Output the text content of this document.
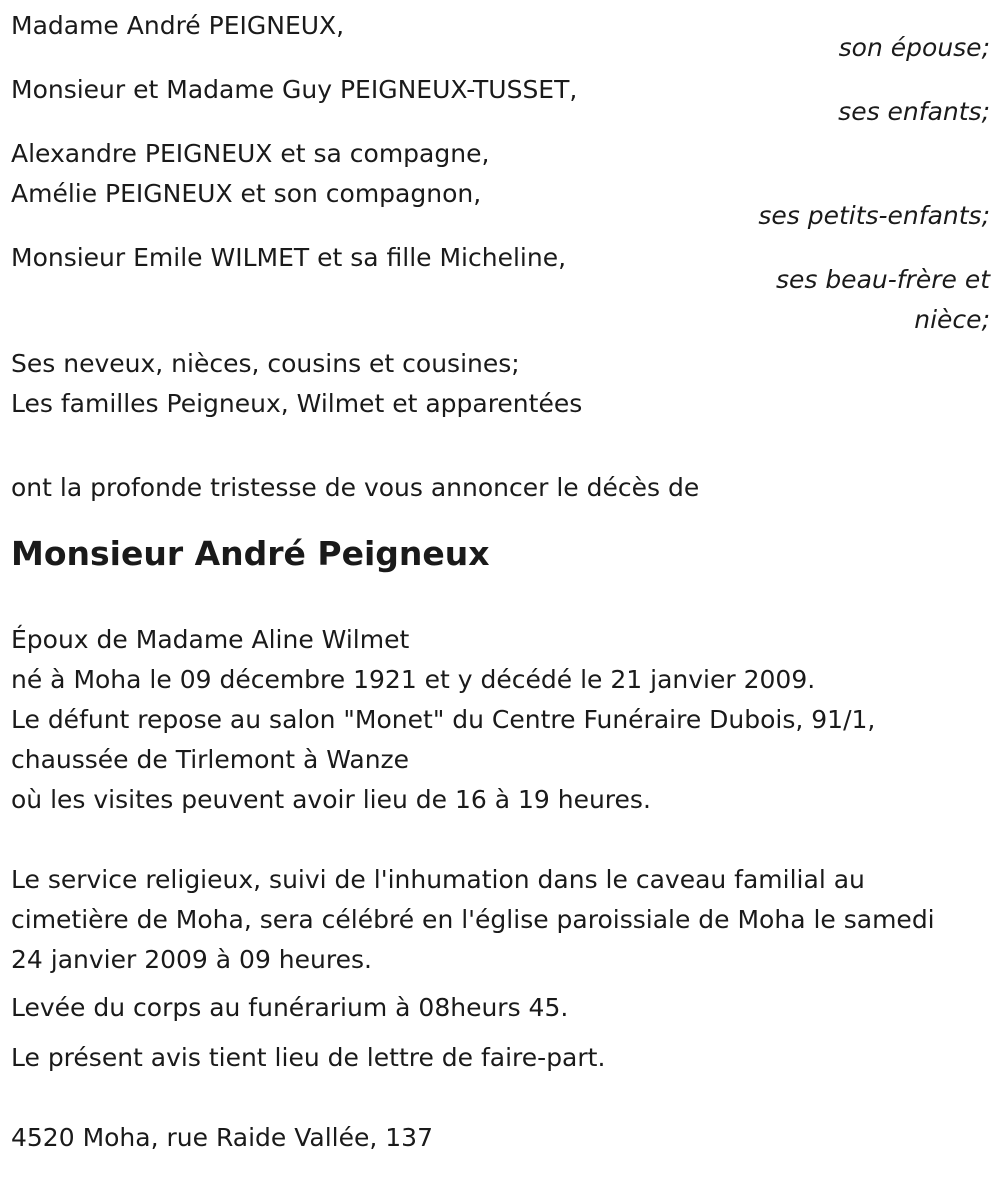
Madame André PEIGNEUX,
son épouse;
Monsieur et Madame Guy PEIGNEUX-TUSSET,
ses enfants;
Alexandre PEIGNEUX et sa compagne,
Amélie PEIGNEUX et son compagnon,
ses petits-enfants;
Monsieur Emile WILMET et sa fille Micheline,
ses beau-frère et
nièce;
Ses neveux, nièces, cousins et cousines;
Les familles Peigneux, Wilmet et apparentées
ont la profonde tristesse de vous annoncer le décès de
Monsieur André Peigneux
Époux de Madame Aline Wilmet
né à Moha le 09 décembre 1921 et y décédé le 21 janvier 2009.
Le défunt repose au salon "Monet" du Centre Funéraire Dubois, 91/1,
chaussée de Tirlemont à Wanze
où les visites peuvent avoir lieu de 16 à 19 heures.
Le service religieux, suivi de l'inhumation dans le caveau familial au
cimetière de Moha, sera célébré en l'église paroissiale de Moha le samedi
24 janvier 2009 à 09 heures.
Levée du corps au funérarium à 08heurs 45.
Le présent avis tient lieu de lettre de faire-part.
4520 Moha, rue Raide Vallée, 137
